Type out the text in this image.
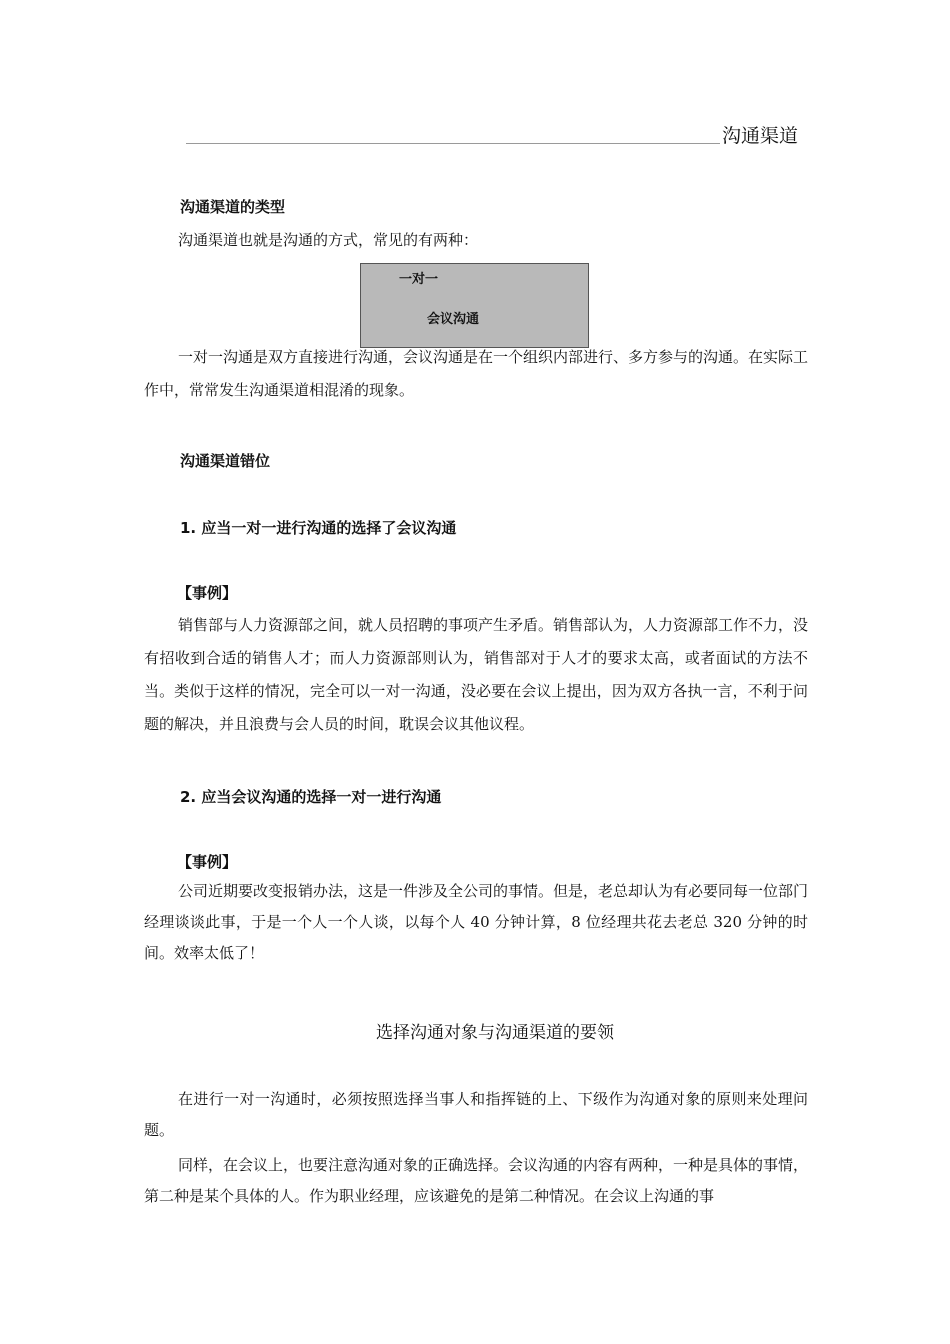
沟通渠道
沟通渠道的类型

沟通渠道也就是沟通的方式，常见的有两种：

一对一
会议沟通

一对一沟通是双方直接进行沟通，会议沟通是在一个组织内部进行、多方参与的沟通。在实际工作中，常常发生沟通渠道相混淆的现象。

沟通渠道错位
1. 应当一对一进行沟通的选择了会议沟通
【事例】

销售部与人力资源部之间，就人员招聘的事项产生矛盾。销售部认为，人力资源部工作不力，没有招收到合适的销售人才；而人力资源部则认为，销售部对于人才的要求太高，或者面试的方法不当。类似于这样的情况，完全可以一对一沟通，没必要在会议上提出，因为双方各执一言，不利于问题的解决，并且浪费与会人员的时间，耽误会议其他议程。

2. 应当会议沟通的选择一对一进行沟通
【事例】

公司近期要改变报销办法，这是一件涉及全公司的事情。但是，老总却认为有必要同每一位部门经理谈谈此事，于是一个人一个人谈，以每个人 40 分钟计算，8 位经理共花去老总 320 分钟的时间。效率太低了！

选择沟通对象与沟通渠道的要领

在进行一对一沟通时，必须按照选择当事人和指挥链的上、下级作为沟通对象的原则来处理问题。

同样，在会议上，也要注意沟通对象的正确选择。会议沟通的内容有两种，一种是具体的事情，第二种是某个具体的人。作为职业经理，应该避免的是第二种情况。在会议上沟通的事
